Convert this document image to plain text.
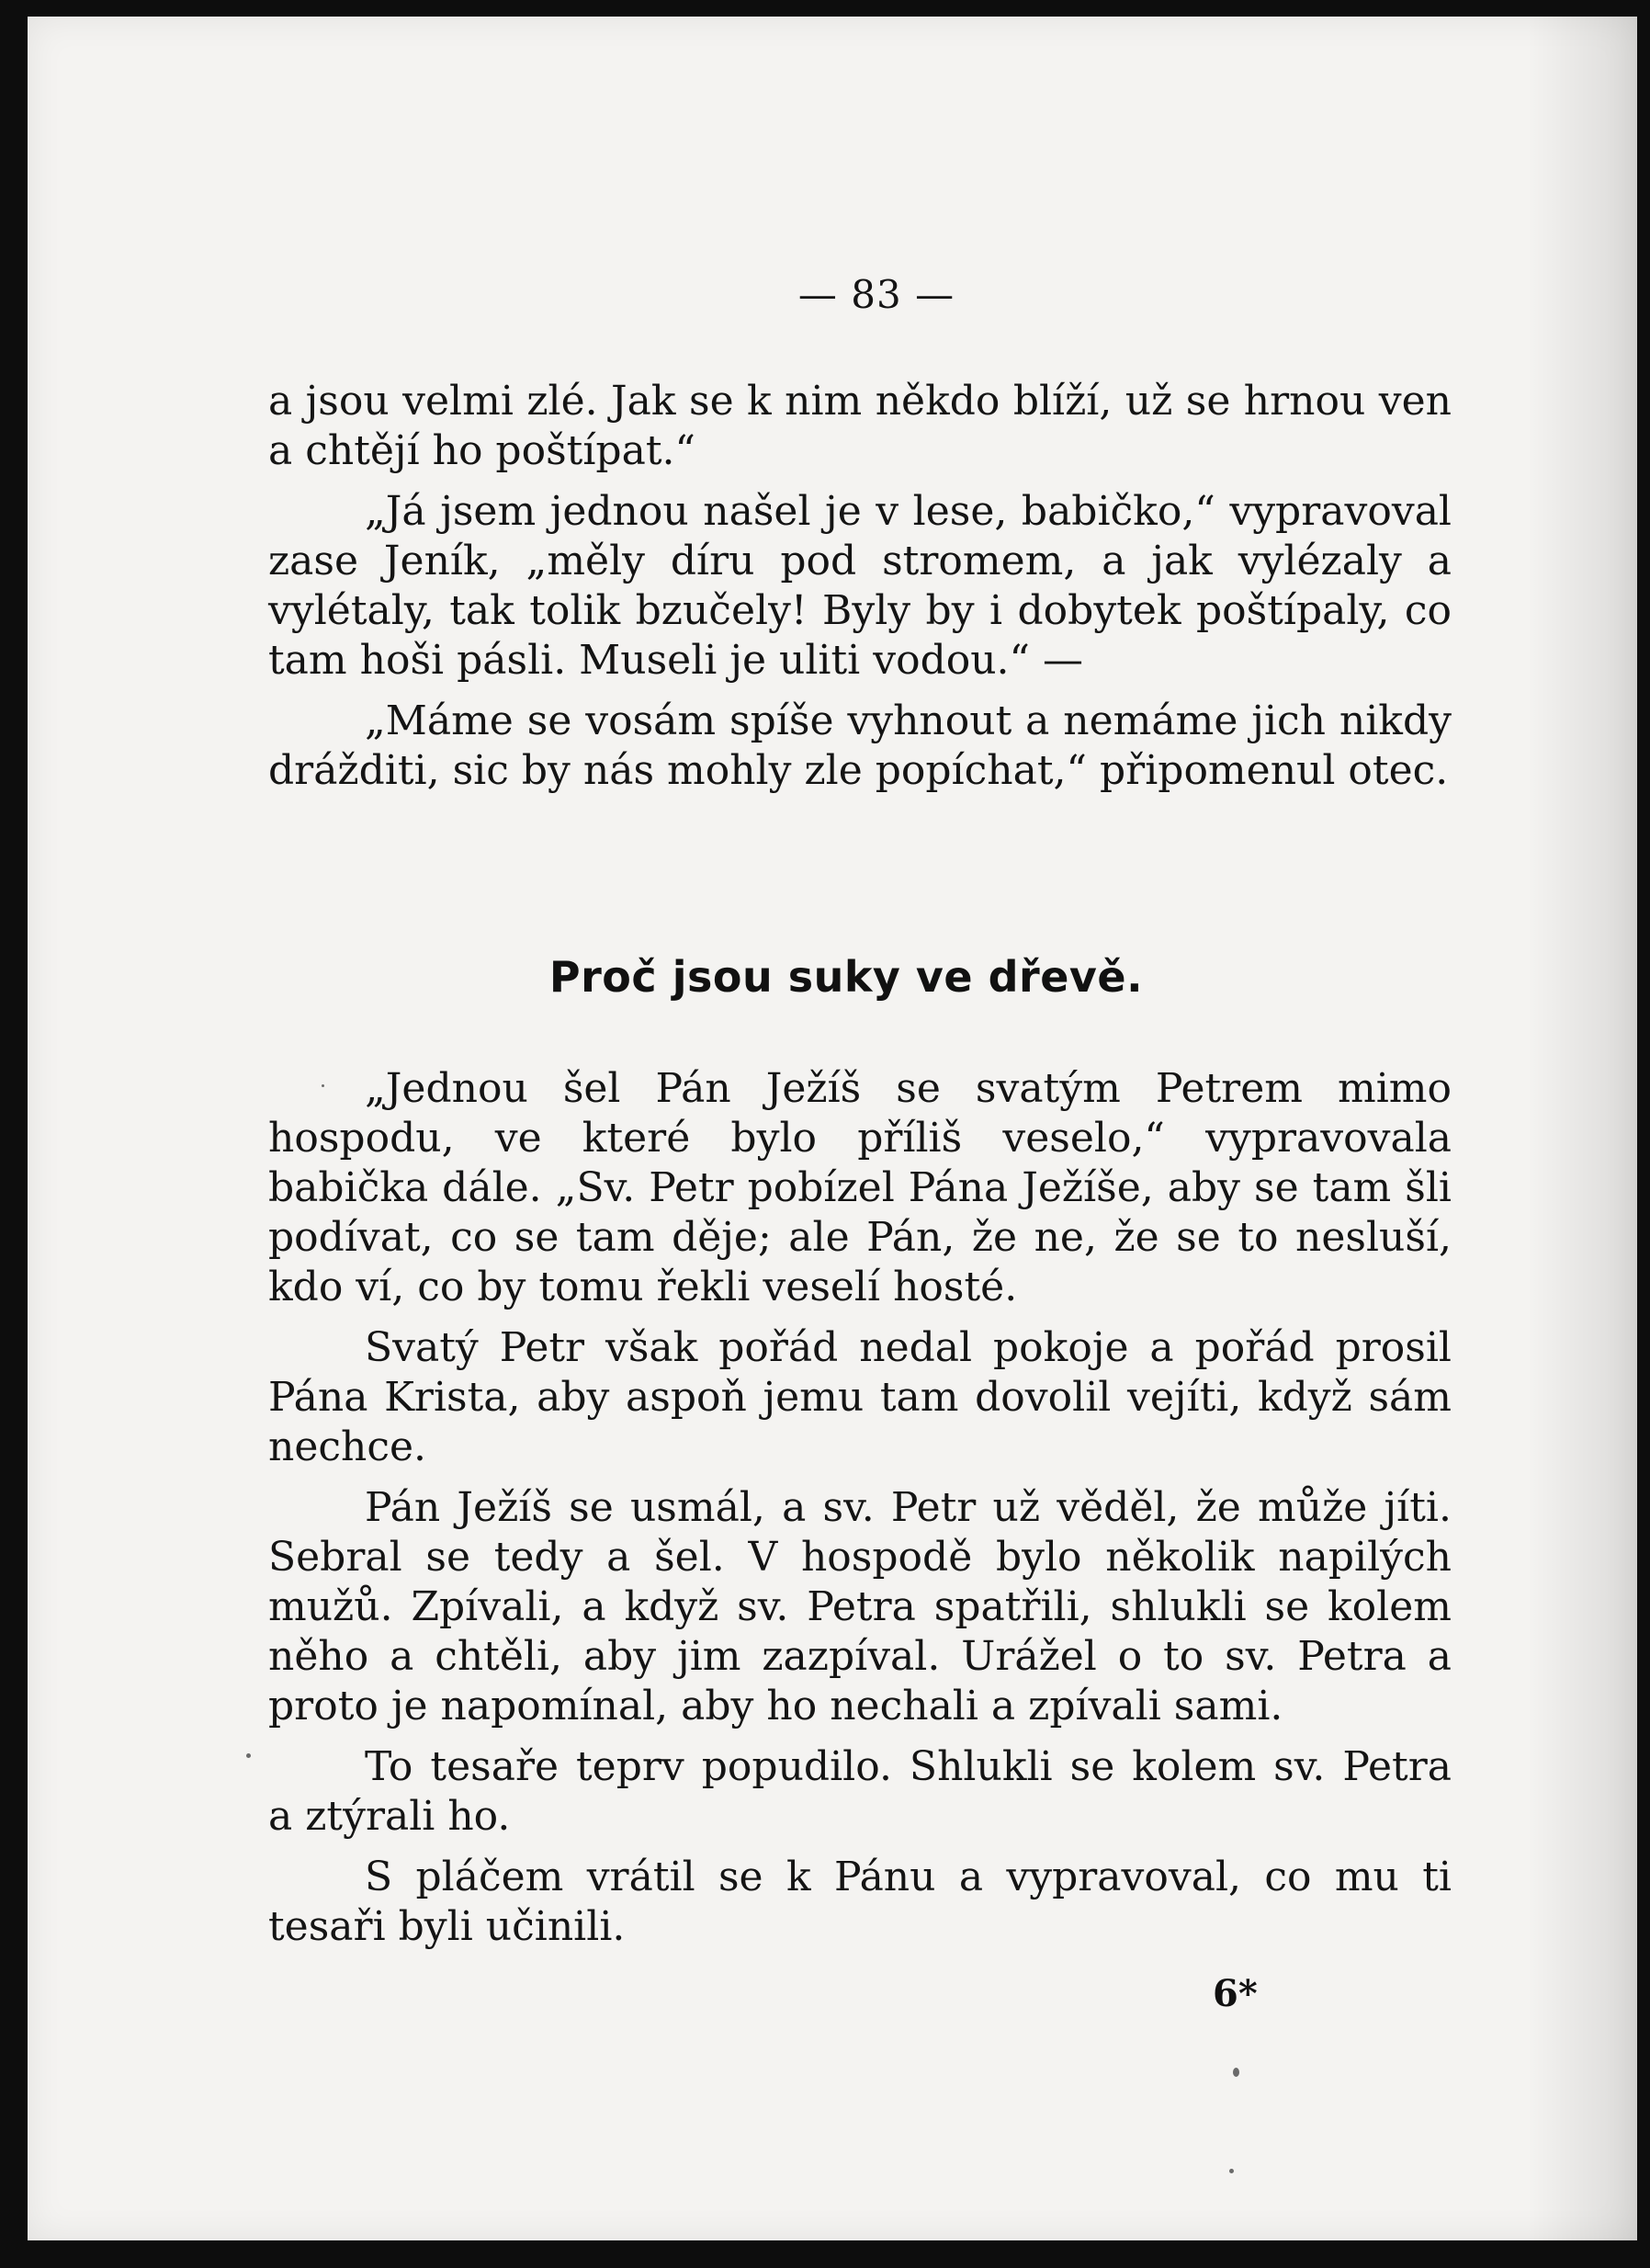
— 83 —

a jsou velmi zlé. Jak se k nim někdo blíží, už se hrnou ven a chtějí ho poštípat.“

„Já jsem jednou našel je v lese, babičko,“ vypravoval zase Jeník, „měly díru pod stromem, a jak vylézaly a vylétaly, tak tolik bzučely! Byly by i dobytek poštípaly, co tam hoši pásli. Museli je uliti vodou.“ —

„Máme se vosám spíše vyhnout a nemáme jich nikdy drážditi, sic by nás mohly zle popíchat,“ připomenul otec.

Proč jsou suky ve dřevě.

„Jednou šel Pán Ježíš se svatým Petrem mimo hospodu, ve které bylo příliš veselo,“ vypravovala babička dále. „Sv. Petr pobízel Pána Ježíše, aby se tam šli podívat, co se tam děje; ale Pán, že ne, že se to nesluší, kdo ví, co by tomu řekli veselí hosté.

Svatý Petr však pořád nedal pokoje a pořád prosil Pána Krista, aby aspoň jemu tam dovolil vejíti, když sám nechce.

Pán Ježíš se usmál, a sv. Petr už věděl, že může jíti. Sebral se tedy a šel. V hospodě bylo několik napilých mužů. Zpívali, a když sv. Petra spatřili, shlukli se kolem něho a chtěli, aby jim zazpíval. Urážel o to sv. Petra a proto je napomínal, aby ho nechali a zpívali sami.

To tesaře teprv popudilo. Shlukli se kolem sv. Petra a ztýrali ho.

S pláčem vrátil se k Pánu a vypravoval, co mu ti tesaři byli učinili.

6*
